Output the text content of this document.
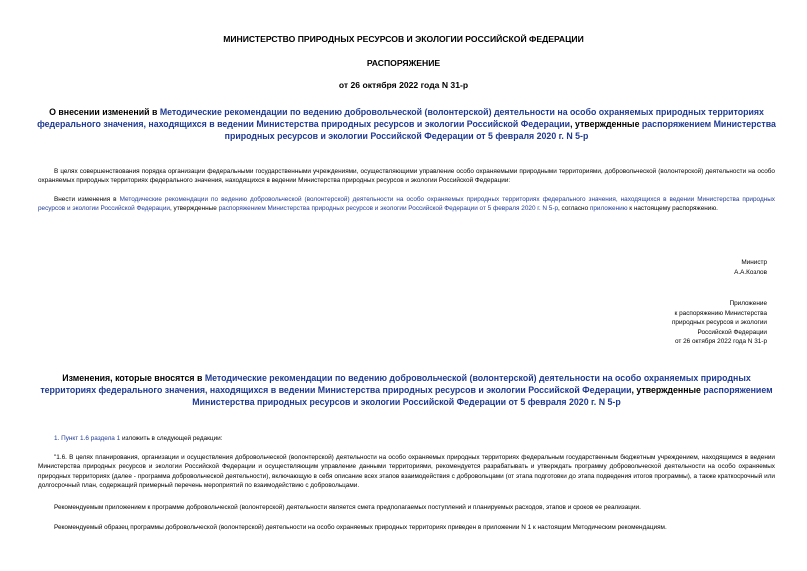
МИНИСТЕРСТВО ПРИРОДНЫХ РЕСУРСОВ И ЭКОЛОГИИ РОССИЙСКОЙ ФЕДЕРАЦИИ
РАСПОРЯЖЕНИЕ
от 26 октября 2022 года N 31-р
О внесении изменений в Методические рекомендации по ведению добровольческой (волонтерской) деятельности на особо охраняемых природных территориях федерального значения, находящихся в ведении Министерства природных ресурсов и экологии Российской Федерации, утвержденные распоряжением Министерства природных ресурсов и экологии Российской Федерации от 5 февраля 2020 г. N 5-р
В целях совершенствования порядка организации федеральными государственными учреждениями, осуществляющими управление особо охраняемыми природными территориями, добровольческой (волонтерской) деятельности на особо охраняемых природных территориях федерального значения, находящихся в ведении Министерства природных ресурсов и экологии Российской Федерации:
Внести изменения в Методические рекомендации по ведению добровольческой (волонтерской) деятельности на особо охраняемых природных территориях федерального значения, находящихся в ведении Министерства природных ресурсов и экологии Российской Федерации, утвержденные распоряжением Министерства природных ресурсов и экологии Российской Федерации от 5 февраля 2020 г. N 5-р, согласно приложению к настоящему распоряжению.
Министр
А.А.Козлов
Приложение
к распоряжению Министерства
природных ресурсов и экологии
Российской Федерации
от 26 октября 2022 года N 31-р
Изменения, которые вносятся в Методические рекомендации по ведению добровольческой (волонтерской) деятельности на особо охраняемых природных территориях федерального значения, находящихся в ведении Министерства природных ресурсов и экологии Российской Федерации, утвержденные распоряжением Министерства природных ресурсов и экологии Российской Федерации от 5 февраля 2020 г. N 5-р
1. Пункт 1.6 раздела 1 изложить в следующей редакции:
"1.6. В целях планирования, организации и осуществления добровольческой (волонтерской) деятельности на особо охраняемых природных территориях федеральным государственным бюджетным учреждением, находящимся в ведении Министерства природных ресурсов и экологии Российской Федерации и осуществляющим управление данными территориями, рекомендуется разрабатывать и утверждать программу добровольческой деятельности на особо охраняемых природных территориях (далее - программа добровольческой деятельности), включающую в себя описание всех этапов взаимодействия с добровольцами (от этапа подготовки до этапа подведения итогов программы), а также краткосрочный или долгосрочный план, содержащий примерный перечень мероприятий по взаимодействию с добровольцами.
Рекомендуемым приложением к программе добровольческой (волонтерской) деятельности является смета предполагаемых поступлений и планируемых расходов, этапов и сроков ее реализации.
Рекомендуемый образец программы добровольческой (волонтерской) деятельности на особо охраняемых природных территориях приведен в приложении N 1 к настоящим Методическим рекомендациям.
